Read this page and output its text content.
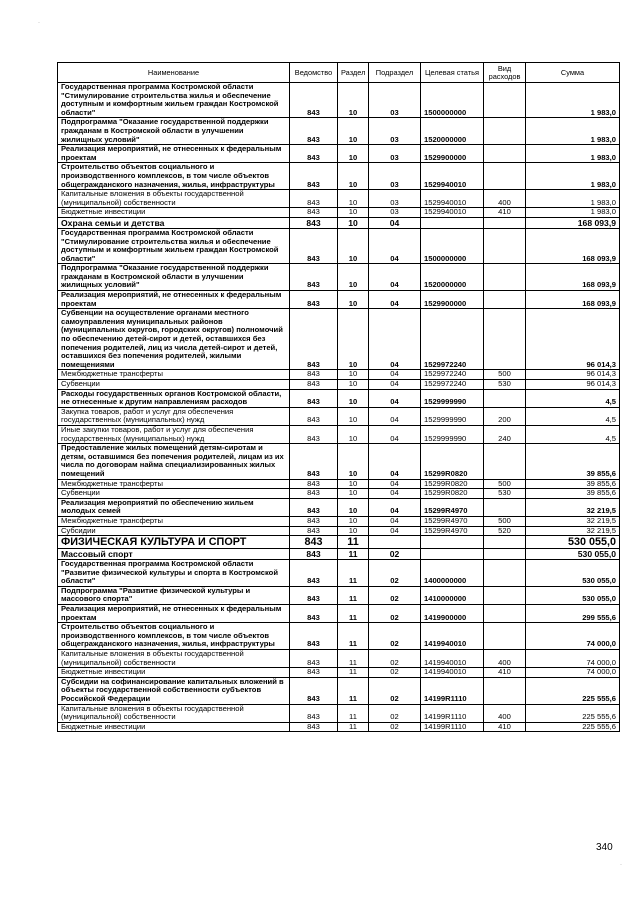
Наименование	Ведомство	Раздел	Подраздел	Целевая статья	Вид расходов	Сумма
Государственная программа Костромской области "Стимулирование строительства жилья и обеспечение доступным и комфортным жильем граждан Костромской области"	843	10	03	1500000000		1 983,0
Подпрограмма "Оказание государственной поддержки гражданам в Костромской области в улучшении жилищных условий"	843	10	03	1520000000		1 983,0
Реализация мероприятий, не отнесенных к федеральным проектам	843	10	03	1529900000		1 983,0
Строительство объектов социального и производственного комплексов, в том числе объектов общегражданского назначения, жилья, инфраструктуры	843	10	03	1529940010		1 983,0
Капитальные вложения в объекты государственной (муниципальной) собственности	843	10	03	1529940010	400	1 983,0
Бюджетные инвестиции	843	10	03	1529940010	410	1 983,0
Охрана семьи и детства	843	10	04			168 093,9
Государственная программа Костромской области "Стимулирование строительства жилья и обеспечение доступным и комфортным жильем граждан Костромской области"	843	10	04	1500000000		168 093,9
Подпрограмма "Оказание государственной поддержки гражданам в Костромской области в улучшении жилищных условий"	843	10	04	1520000000		168 093,9
Реализация мероприятий, не отнесенных к федеральным проектам	843	10	04	1529900000		168 093,9
Субвенции на осуществление органами местного самоуправления муниципальных районов (муниципальных округов, городских округов) полномочий по обеспечению детей-сирот и детей, оставшихся без попечения родителей, лиц из числа детей-сирот и детей, оставшихся без попечения родителей, жилыми помещениями	843	10	04	1529972240		96 014,3
Межбюджетные трансферты	843	10	04	1529972240	500	96 014,3
Субвенции	843	10	04	1529972240	530	96 014,3
Расходы государственных органов Костромской области, не отнесенные к другим направлениям расходов	843	10	04	1529999990		4,5
Закупка товаров, работ и услуг для обеспечения государственных (муниципальных) нужд	843	10	04	1529999990	200	4,5
Иные закупки товаров, работ и услуг для обеспечения государственных (муниципальных) нужд	843	10	04	1529999990	240	4,5
Предоставление жилых помещений детям-сиротам и детям, оставшимся без попечения родителей, лицам из их числа по договорам найма специализированных жилых помещений	843	10	04	15299R0820		39 855,6
Межбюджетные трансферты	843	10	04	15299R0820	500	39 855,6
Субвенции	843	10	04	15299R0820	530	39 855,6
Реализация мероприятий по обеспечению жильем молодых семей	843	10	04	15299R4970		32 219,5
Межбюджетные трансферты	843	10	04	15299R4970	500	32 219,5
Субсидии	843	10	04	15299R4970	520	32 219,5
ФИЗИЧЕСКАЯ КУЛЬТУРА И СПОРТ	843	11				530 055,0
Массовый спорт	843	11	02			530 055,0
Государственная программа Костромской области "Развитие физической культуры и спорта в Костромской области"	843	11	02	1400000000		530 055,0
Подпрограмма "Развитие физической культуры и массового спорта"	843	11	02	1410000000		530 055,0
Реализация мероприятий, не отнесенных к федеральным проектам	843	11	02	1419900000		299 555,6
Строительство объектов социального и производственного комплексов, в том числе объектов общегражданского назначения, жилья, инфраструктуры	843	11	02	1419940010		74 000,0
Капитальные вложения в объекты государственной (муниципальной) собственности	843	11	02	1419940010	400	74 000,0
Бюджетные инвестиции	843	11	02	1419940010	410	74 000,0
Субсидии на софинансирование капитальных вложений в объекты государственной собственности субъектов Российской Федерации	843	11	02	14199R1110		225 555,6
Капитальные вложения в объекты государственной (муниципальной) собственности	843	11	02	14199R1110	400	225 555,6
Бюджетные инвестиции	843	11	02	14199R1110	410	225 555,6
340
·
·
